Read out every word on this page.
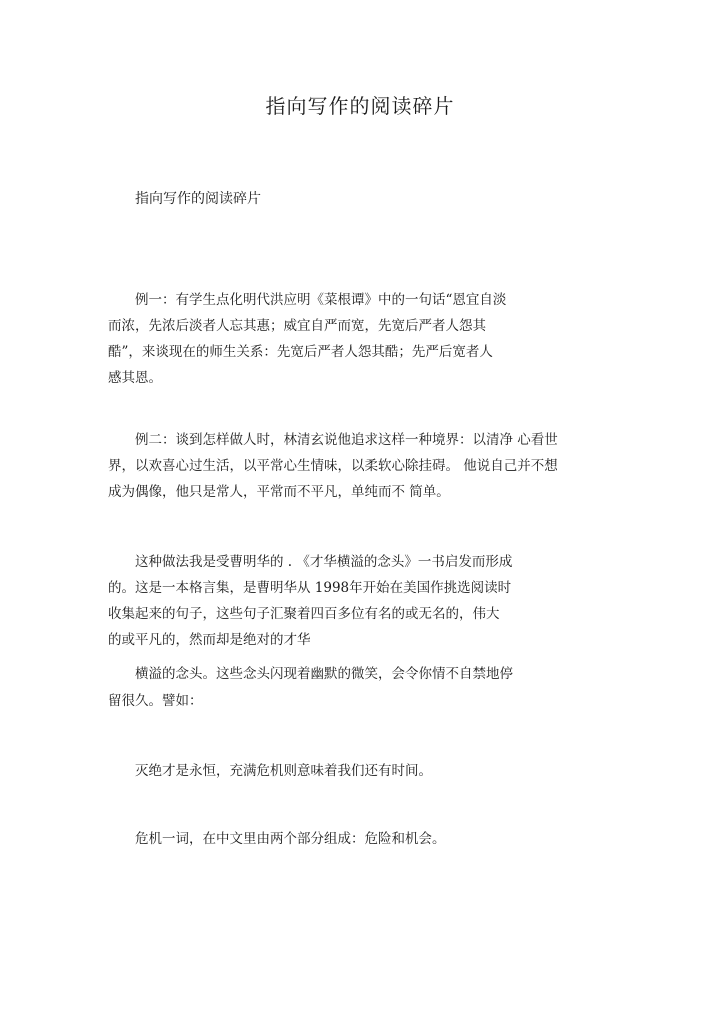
指向写作的阅读碎片
指向写作的阅读碎片
例一：有学生点化明代洪应明《菜根谭》中的一句话“恩宜自淡
而浓，先浓后淡者人忘其惠；威宜自严而宽，先宽后严者人怨其
酷”，来谈现在的师生关系：先宽后严者人怨其酷；先严后宽者人
感其恩。
例二：谈到怎样做人时，林清玄说他追求这样一种境界：以清净 心看世
界，以欢喜心过生活，以平常心生情味，以柔软心除挂碍。 他说自己并不想
成为偶像，他只是常人，平常而不平凡，单纯而不 简单。
这种做法我是受曹明华的 . 《才华横溢的念头》一书启发而形成
的。这是一本格言集，是曹明华从 1998年开始在美国作挑选阅读时
收集起来的句子，这些句子汇聚着四百多位有名的或无名的，伟大
的或平凡的，然而却是绝对的才华
横溢的念头。这些念头闪现着幽默的微笑，会令你情不自禁地停
留很久。譬如：
灭绝才是永恒，充满危机则意味着我们还有时间。
危机一词，在中文里由两个部分组成：危险和机会。
